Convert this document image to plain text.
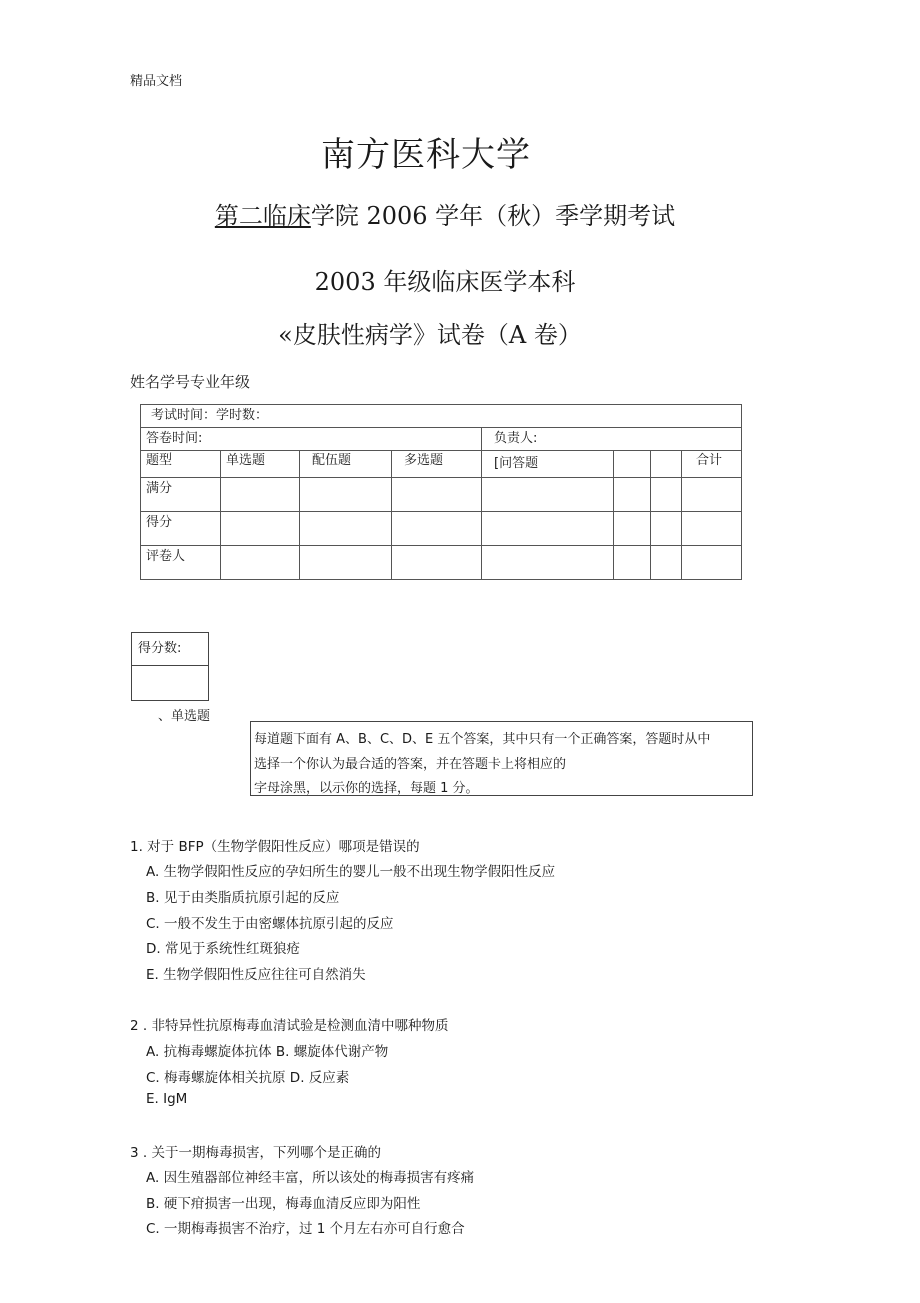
精品文档
南方医科大学
第二临床学院 2006 学年（秋）季学期考试
2003 年级临床医学本科
«皮肤性病学》试卷（A 卷）
姓名学号专业年级
考试时间：学时数：							
答卷时间:				负责人:			
题型	单选题	配伍题	多选题	[问答题			合计
满分							
得分							
评卷人							
得分数:
、单选题
每道题下面有 A、B、C、D、E 五个答案，其中只有一个正确答案，答题时从中
选择一个你认为最合适的答案，并在答题卡上将相应的
字母涂黑，以示你的选择，每题 1 分。
1. 对于 BFP（生物学假阳性反应）哪项是错误的
A. 生物学假阳性反应的孕妇所生的婴儿一般不出现生物学假阳性反应
B. 见于由类脂质抗原引起的反应
C. 一般不发生于由密螺体抗原引起的反应
D. 常见于系统性红斑狼疮
E. 生物学假阳性反应往往可自然消失
2 . 非特异性抗原梅毒血清试验是检测血清中哪种物质
A. 抗梅毒螺旋体抗体 B. 螺旋体代谢产物
C. 梅毒螺旋体相关抗原 D. 反应素
E. IgM
3 . 关于一期梅毒损害，下列哪个是正确的
A. 因生殖器部位神经丰富，所以该处的梅毒损害有疼痛
B. 硬下疳损害一出现，梅毒血清反应即为阳性
C. 一期梅毒损害不治疗，过 1 个月左右亦可自行愈合
